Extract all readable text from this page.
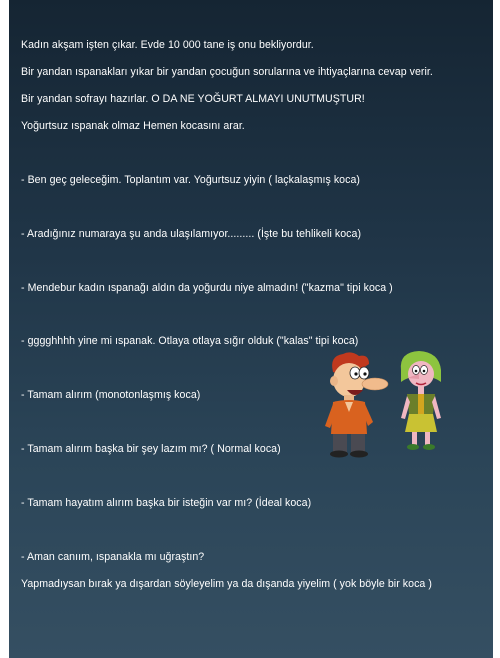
Kadın akşam işten çıkar. Evde 10 000 tane iş onu bekliyordur.
Bir yandan ıspanakları yıkar bir yandan çocuğun sorularına ve ihtiyaçlarına cevap verir.
Bir yandan sofrayı hazırlar. O DA NE YOĞURT ALMAYI UNUTMUŞTUR!
Yoğurtsuz ıspanak olmaz Hemen kocasını arar.
- Ben geç geleceğim. Toplantım var. Yoğurtsuz yiyin ( laçkalaşmış koca)
- Aradığınız numaraya şu anda ulaşılamıyor......... (İşte bu tehlikeli koca)
- Mendebur kadın ıspanağı aldın da yoğurdu niye almadın! ("kazma" tipi koca )
- gggghhhh yine mi ıspanak. Otlaya otlaya sığır olduk ("kalas" tipi koca)
- Tamam alırım (monotonlaşmış koca)
- Tamam alırım başka bir şey lazım mı? ( Normal koca)
- Tamam hayatım alırım başka bir isteğin var mı? (İdeal koca)
- Aman canıım, ıspanakla mı uğraştın?
Yapmadıysan bırak ya dışardan söyleyelim ya da dışanda yiyelim ( yok böyle bir koca )
